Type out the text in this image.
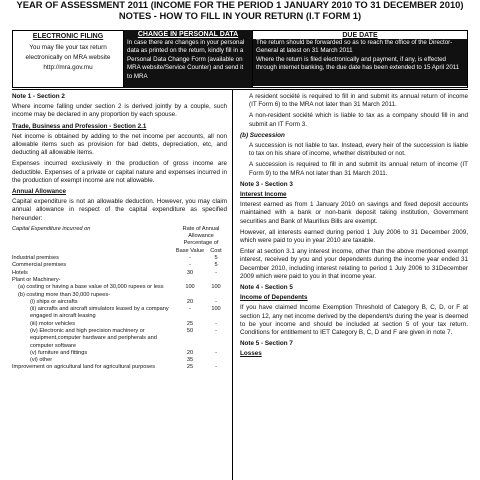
YEAR OF ASSESSMENT 2011 (INCOME FOR THE PERIOD 1 JANUARY 2010 TO 31 DECEMBER 2010)
NOTES - HOW TO FILL IN YOUR RETURN (I.T FORM 1)
ELECTRONIC FILING
You may file your tax return electronically on MRA website http://mra.gov.mu
CHANGE IN PERSONAL DATA
In case there are changes in your personal data as printed on the return, kindly fill in a Personal Data Change Form (available on MRA website/Service Counter) and send it to MRA
DUE DATE
The return should be forwarded so as to reach the office of the Director-General at latest on 31 March 2011
Where the return is filed electronically and payment, if any, is effected through internet banking, the due date has been extended to 15 April 2011
Note 1 - Section 2
Where income falling under section 2 is derived jointly by a couple, such income may be declared in any proportion by each spouse.
Trade, Business and Profession - Section 2.1
Net income is obtained by adding to the net income per accounts, all non allowable items such as provision for bad debts, depreciation, etc, and deducting all allowable items.
Expenses incurred exclusively in the production of gross income are deductible. Expenses of a private or capital nature and expenses incurred in the production of exempt income are not allowable.
Annual Allowance
Capital expenditure is not an allowable deduction. However, you may claim annual allowance in respect of the capital expenditure as specified hereunder:
Capital Expenditure incurred on	Rate of Annual Allowance Percentage of
Base Value	Cost
Industrial premises	-	5
Commercial premises	-	5
Hotels	30	-
Plant or Machinery-		
(a) costing or having a base value of 30,000 rupees or less	100	100
(b) costing more than 30,000 rupees-		
(i) ships or aircrafts	20	-
(ii) aircrafts and aircraft simulators leased by a company engaged in aircraft leasing	-	100
(iii) motor vehicles	25	-
(iv) Electronic and high precision machinery or equipment,computer hardware and peripherals and computer software	50	-
(v) furniture and fittings	20	-
(vi) other	35	
Improvement on agricultural land for agricultural purposes	25	-
A resident société is required to fill in and submit its annual return of income (IT Form 6) to the MRA not later than 31 March 2011.
A non-resident société which is liable to tax as a company should fill in and submit an IT Form 3.
(b) Succession
A succession is not liable to tax. Instead, every heir of the succession is liable to tax on his share of income, whether distributed or not.
A succession is required to fill in and submit its annual return of income (IT Form 9) to the MRA not later than 31 March 2011.
Note 3 - Section 3
Interest Income
Interest earned as from 1 January 2010 on savings and fixed deposit accounts maintained with a bank or non-bank deposit taking institution, Government securities and Bank of Mauritius Bills are exempt.
However, all interests earned during period 1 July 2006 to 31 December 2009, which were paid to you in year 2010 are taxable.
Enter at section 3.1 any interest income, other than the above mentioned exempt interest, received by you and your dependents during the income year ended 31 December 2010, including interest relating to period 1 July 2006 to 31December 2009 which were paid to you in that income year.
Note 4 - Section 5
Income of Dependents
If you have claimed Income Exemption Threshold of Category B, C, D, or F at section 12, any net income derived by the dependent/s during the year is deemed to be your income and should be included at section 5 of your tax return. Conditions for entitlement to IET Category B, C, D and F are given in note 7.
Note 5 - Section 7
Losses
